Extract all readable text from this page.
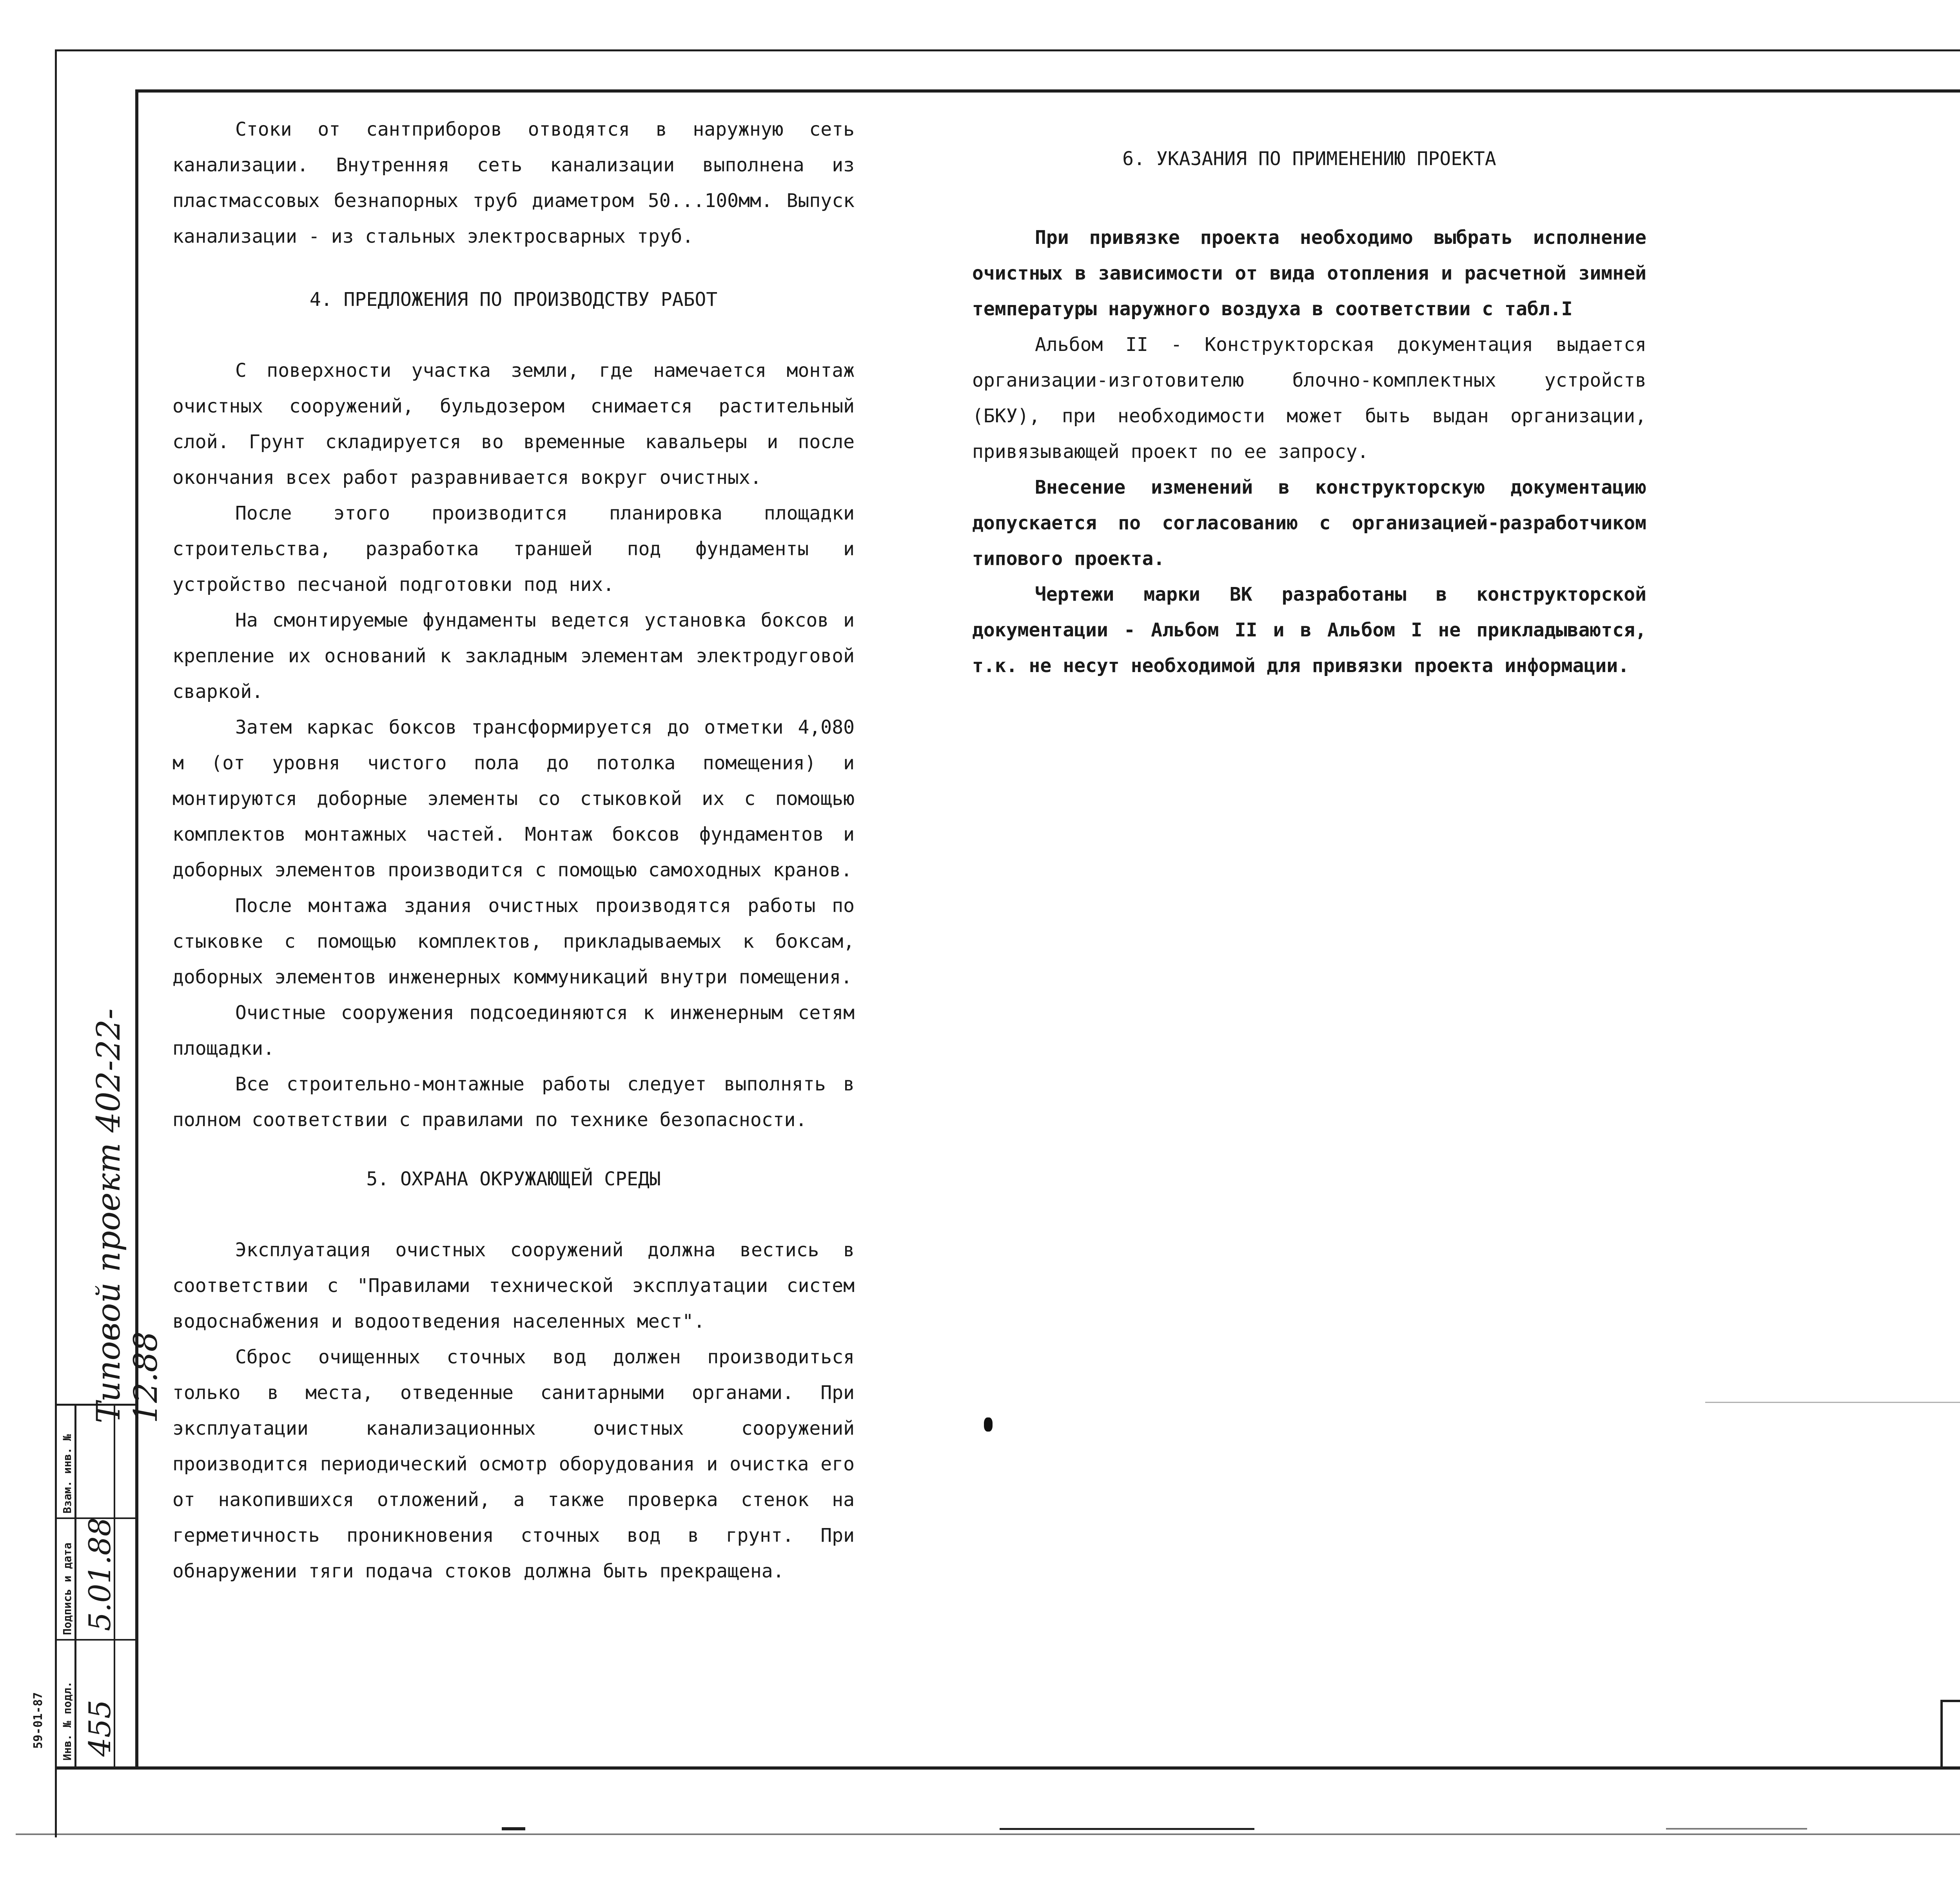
Инв. № подл.
Подпись и дата
Взам. инв. №
455
5.01.88
59-01-87
Типовой проект 402-22-12.88

Стоки от сантприборов отводятся в наружную сеть канализации. Внутренняя сеть канализации выполнена из пластмассовых безнапорных труб диаметром 50...100мм. Выпуск канализации - из стальных электросварных труб.

4. ПРЕДЛОЖЕНИЯ ПО ПРОИЗВОДСТВУ РАБОТ

С поверхности участка земли, где намечается монтаж очистных сооружений, бульдозером снимается растительный слой. Грунт складируется во временные кавальеры и после окончания всех работ разравнивается вокруг очистных.

После этого производится планировка площадки строительства, разработка траншей под фундаменты и устройство песчаной подготовки под них.

На смонтируемые фундаменты ведется установка боксов и крепление их оснований к закладным элементам электродуговой сваркой.

Затем каркас боксов трансформируется до отметки 4,080 м (от уровня чистого пола до потолка помещения) и монтируются доборные элементы со стыковкой их с помощью комплектов монтажных частей. Монтаж боксов фундаментов и доборных элементов производится с помощью самоходных кранов.

После монтажа здания очистных производятся работы по стыковке с помощью комплектов, прикладываемых к боксам, доборных элементов инженерных коммуникаций внутри помещения.

Очистные сооружения подсоединяются к инженерным сетям площадки.

Все строительно-монтажные работы следует выполнять в полном соответствии с правилами по технике безопасности.

5. ОХРАНА ОКРУЖАЮЩЕЙ СРЕДЫ

Эксплуатация очистных сооружений должна вестись в соответствии с "Правилами технической эксплуатации систем водоснабжения и водоотведения населенных мест".

Сброс очищенных сточных вод должен производиться только в места, отведенные санитарными органами. При эксплуатации канализационных очистных сооружений производится периодический осмотр оборудования и очистка его от накопившихся отложений, а также проверка стенок на герметичность проникновения сточных вод в грунт. При обнаружении тяги подача стоков должна быть прекращена.

6. УКАЗАНИЯ ПО ПРИМЕНЕНИЮ ПРОЕКТА

При привязке проекта необходимо выбрать исполнение очистных в зависимости от вида отопления и расчетной зимней температуры наружного воздуха в соответствии с табл.I

Альбом II - Конструкторская документация выдается организации-изготовителю блочно-комплектных устройств (БКУ), при необходимости может быть выдан организации, привязывающей проект по ее запросу.

Внесение изменений в конструкторскую документацию допускается по согласованию с организацией-разработчиком типового проекта.

Чертежи марки ВК разработаны в конструкторской документации - Альбом II и в Альбом I не прикладываются, т.к. не несут необходимой для привязки проекта информации.
